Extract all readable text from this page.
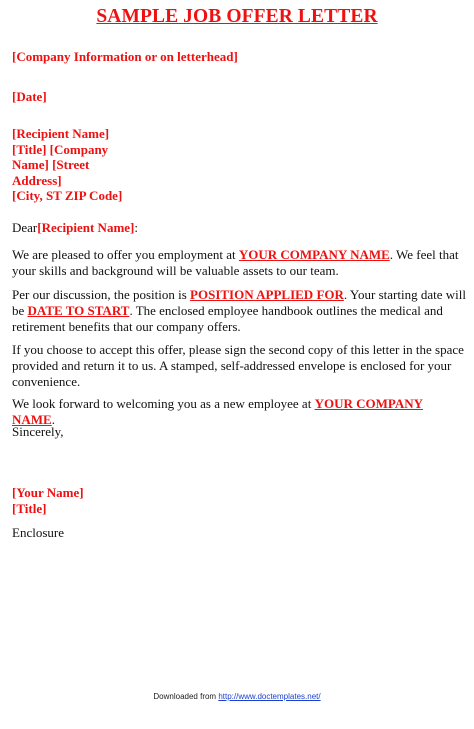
SAMPLE JOB OFFER LETTER
[Company Information or on letterhead]
[Date]
[Recipient Name]
[Title] [Company
Name] [Street
Address]
[City, ST ZIP Code]
Dear[Recipient Name]:
We are pleased to offer you employment at YOUR COMPANY NAME. We feel that your skills and background will be valuable assets to our team.
Per our discussion, the position is POSITION APPLIED FOR. Your starting date will be DATE TO START. The enclosed employee handbook outlines the medical and retirement benefits that our company offers.
If you choose to accept this offer, please sign the second copy of this letter in the space provided and return it to us. A stamped, self-addressed envelope is enclosed for your convenience.
We look forward to welcoming you as a new employee at YOUR COMPANY NAME.
Sincerely,
[Your Name]
[Title]
Enclosure
Downloaded from http://www.doctemplates.net/
